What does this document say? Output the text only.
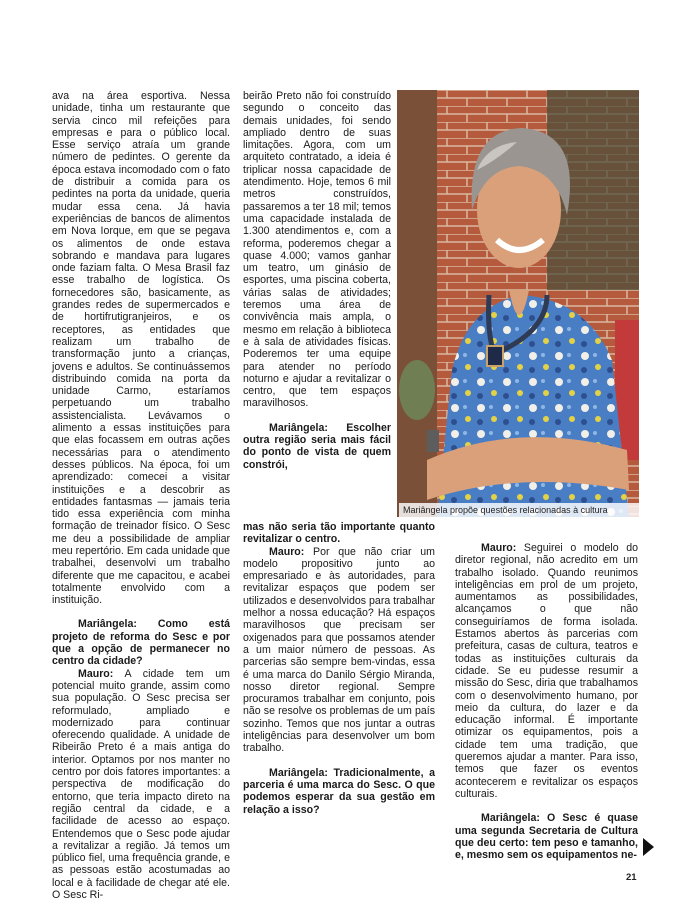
ava na área esportiva. Nessa unidade, tinha um restaurante que servia cinco mil refeições para empresas e para o público local. Esse serviço atraía um grande número de pedintes. O gerente da época estava incomodado com o fato de distribuir a comida para os pedintes na porta da unidade, queria mudar essa cena. Já havia experiências de bancos de alimentos em Nova Iorque, em que se pegava os alimentos de onde estava sobrando e mandava para lugares onde faziam falta. O Mesa Brasil faz esse trabalho de logística. Os fornecedores são, basicamente, as grandes redes de supermercados e de hortifrutigranjeiros, e os receptores, as entidades que realizam um trabalho de transformação junto a crianças, jovens e adultos. Se continuássemos distribuindo comida na porta da unidade Carmo, estaríamos perpetuando um trabalho assistencialista. Levávamos o alimento a essas instituições para que elas focassem em outras ações necessárias para o atendimento desses públicos. Na época, foi um aprendizado: comecei a visitar instituições e a descobrir as entidades fantasmas — jamais teria tido essa experiência com minha formação de treinador físico. O Sesc me deu a possibilidade de ampliar meu repertório. Em cada unidade que trabalhei, desenvolvi um trabalho diferente que me capacitou, e acabei totalmente envolvido com a instituição.

Mariângela: Como está projeto de reforma do Sesc e por que a opção de permanecer no centro da cidade?

Mauro: A cidade tem um potencial muito grande, assim como sua população. O Sesc precisa ser reformulado, ampliado e modernizado para continuar oferecendo qualidade. A unidade de Ribeirão Preto é a mais antiga do interior. Optamos por nos manter no centro por dois fatores importantes: a perspectiva de modificação do entorno, que teria impacto direto na região central da cidade, e a facilidade de acesso ao espaço. Entendemos que o Sesc pode ajudar a revitalizar a região. Já temos um público fiel, uma frequência grande, e as pessoas estão acostumadas ao local e à facilidade de chegar até ele. O Sesc Ri-

beirão Preto não foi construído segundo o conceito das demais unidades, foi sendo ampliado dentro de suas limitações. Agora, com um arquiteto contratado, a ideia é triplicar nossa capacidade de atendimento. Hoje, temos 6 mil metros construídos, passaremos a ter 18 mil; temos uma capacidade instalada de 1.300 atendimentos e, com a reforma, poderemos chegar a quase 4.000; vamos ganhar um teatro, um ginásio de esportes, uma piscina coberta, várias salas de atividades; teremos uma área de convivência mais ampla, o mesmo em relação à biblioteca e à sala de atividades físicas. Poderemos ter uma equipe para atender no período noturno e ajudar a revitalizar o centro, que tem espaços maravilhosos.

Mariângela: Escolher outra região seria mais fácil do ponto de vista de quem constrói,

mas não seria tão importante quanto revitalizar o centro.

Mauro: Por que não criar um modelo propositivo junto ao empresariado e às autoridades, para revitalizar espaços que podem ser utilizados e desenvolvidos para trabalhar melhor a nossa educação? Há espaços maravilhosos que precisam ser oxigenados para que possamos atender a um maior número de pessoas. As parcerias são sempre bem-vindas, essa é uma marca do Danilo Sérgio Miranda, nosso diretor regional. Sempre procuramos trabalhar em conjunto, pois não se resolve os problemas de um país sozinho. Temos que nos juntar a outras inteligências para desenvolver um bom trabalho.

Mariângela: Tradicionalmente, a parceria é uma marca do Sesc. O que podemos esperar da sua gestão em relação a isso?

Mauro: Seguirei o modelo do diretor regional, não acredito em um trabalho isolado. Quando reunimos inteligências em prol de um projeto, aumentamos as possibilidades, alcançamos o que não conseguiríamos de forma isolada. Estamos abertos às parcerias com prefeitura, casas de cultura, teatros e todas as instituições culturais da cidade. Se eu pudesse resumir a missão do Sesc, diria que trabalhamos com o desenvolvimento humano, por meio da cultura, do lazer e da educação informal. É importante otimizar os equipamentos, pois a cidade tem uma tradição, que queremos ajudar a manter. Para isso, temos que fazer os eventos acontecerem e revitalizar os espaços culturais.

Mariângela: O Sesc é quase uma segunda Secretaria de Cultura que deu certo: tem peso e tamanho, e, mesmo sem os equipamentos ne-

Mariângela propõe questões relacionadas à cultura
21
